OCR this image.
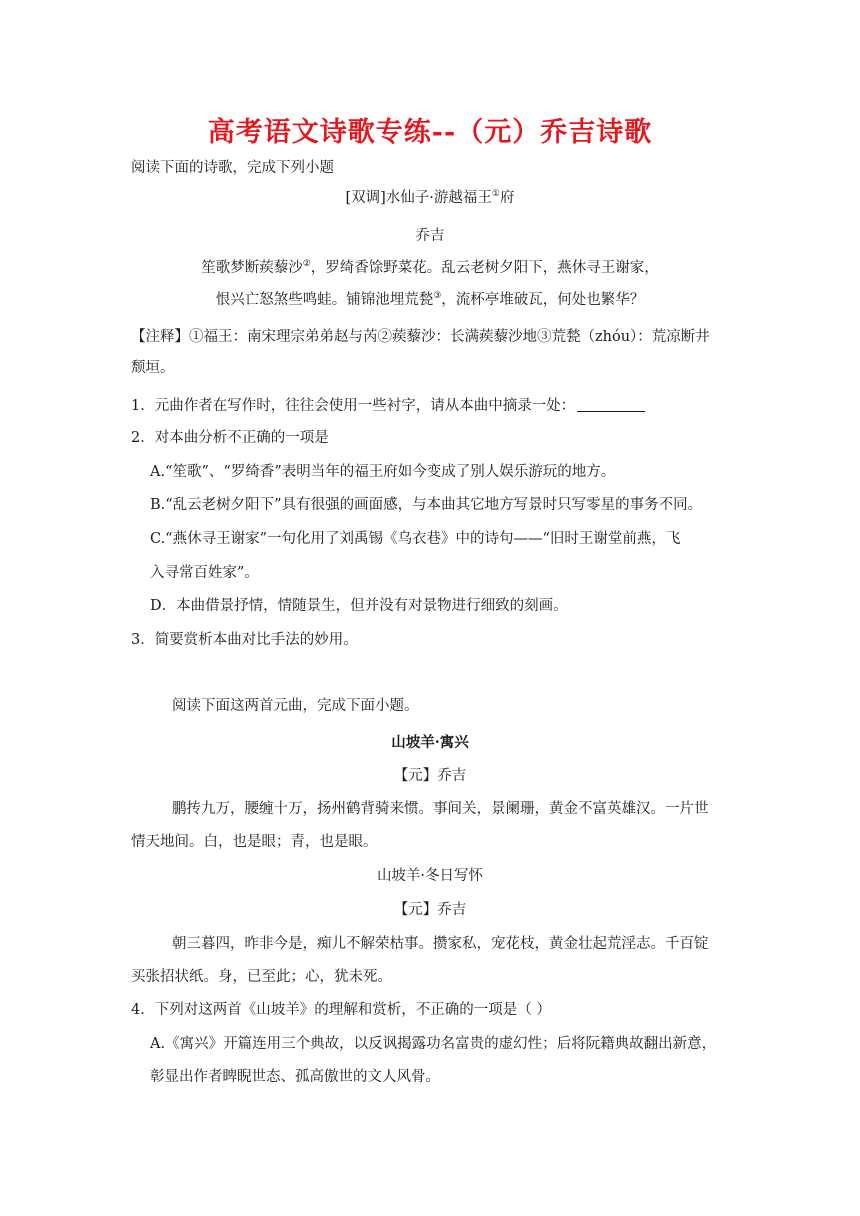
高考语文诗歌专练--（元）乔吉诗歌
阅读下面的诗歌，完成下列小题
[双调]水仙子·游越福王①府
乔吉
笙歌梦断蒺藜沙②，罗绮香馀野菜花。乱云老树夕阳下，燕休寻王谢家，
恨兴亡怒煞些鸣蛙。铺锦池埋荒甃③，流杯亭堆破瓦，何处也繁华？
【注释】①福王：南宋理宗弟弟赵与芮②蒺藜沙：长满蒺藜沙地③荒甃（zhóu）：荒凉断井
颓垣。
1．元曲作者在写作时，往往会使用一些衬字，请从本曲中摘录一处：
2．对本曲分析不正确的一项是
A.“笙歌”、“罗绮香”表明当年的福王府如今变成了别人娱乐游玩的地方。
B.“乱云老树夕阳下”具有很强的画面感，与本曲其它地方写景时只写零星的事务不同。
C.“燕休寻王谢家”一句化用了刘禹锡《乌衣巷》中的诗句——“旧时王谢堂前燕，飞
入寻常百姓家”。
D．本曲借景抒情，情随景生，但并没有对景物进行细致的刻画。
3．简要赏析本曲对比手法的妙用。
阅读下面这两首元曲，完成下面小题。
山坡羊·寓兴
【元】乔吉
鹏抟九万，腰缠十万，扬州鹤背骑来惯。事间关，景阑珊，黄金不富英雄汉。一片世
情天地间。白，也是眼；青，也是眼。
山坡羊·冬日写怀
【元】乔吉
朝三暮四，昨非今是，痴儿不解荣枯事。攒家私，宠花枝，黄金壮起荒淫志。千百锭
买张招状纸。身，已至此；心，犹未死。
4．下列对这两首《山坡羊》的理解和赏析，不正确的一项是（ ）
A.《寓兴》开篇连用三个典故，以反讽揭露功名富贵的虚幻性；后将阮籍典故翻出新意，
彰显出作者睥睨世态、孤高傲世的文人风骨。
